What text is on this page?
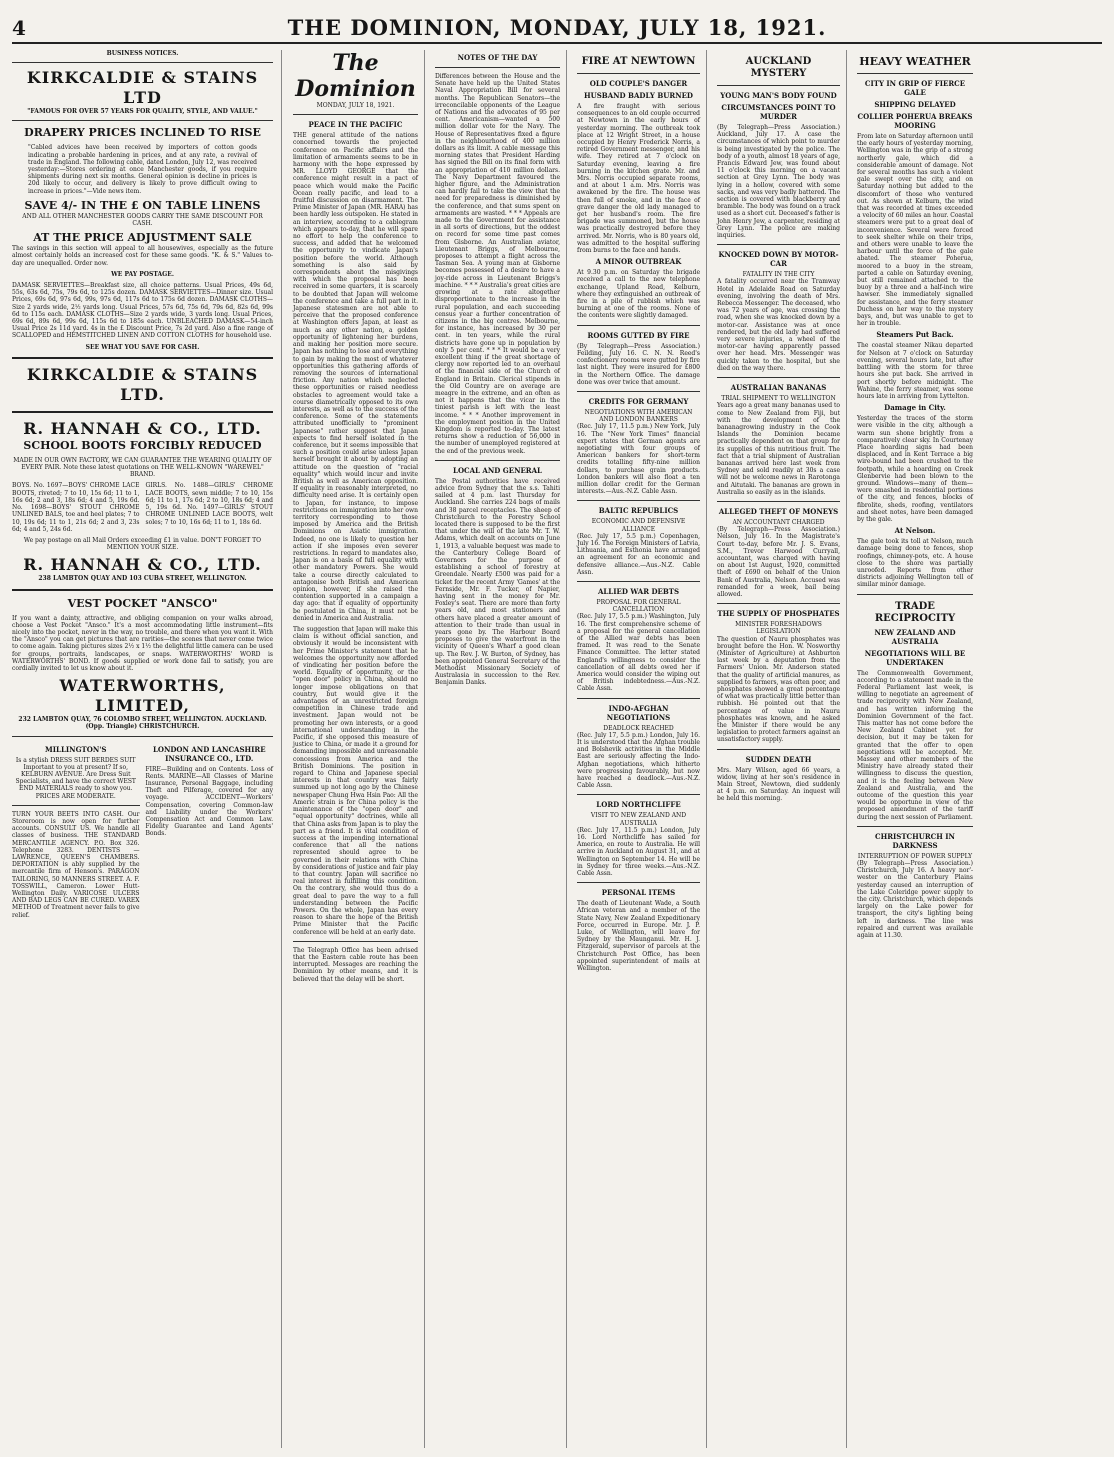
4	THE DOMINION, MONDAY, JULY 18, 1921.
BUSINESS NOTICES.
KIRKCALDIE & STAINS LTD
"FAMOUS FOR OVER 57 YEARS FOR QUALITY, STYLE, AND VALUE."
DRAPERY PRICES INCLINED TO RISE
"Cabled advices have been received by importers of cotton goods indicating a probable hardening in prices, and at any rate, a revival of trade in England. The following cable, dated London, July 12, was received yesterday:—Stores ordering at once Manchester goods, if you require shipments during next six months. General opinion is decline in prices is 20d likely to occur, and delivery is likely to prove difficult owing to increase in prices."—Vide news item.
SAVE 4/- IN THE £ ON TABLE LINENS
AND ALL OTHER MANCHESTER GOODS CARRY THE SAME DISCOUNT FOR CASH.
AT THE PRICE ADJUSTMENT SALE
The savings in this section will appeal to all housewives, especially as the future almost certainly holds an increased cost for these same goods. "K. & S." Values to-day are unequalled. Order now.
WE PAY POSTAGE.
DAMASK SERVIETTES—Breakfast size, all choice patterns. Usual Prices, 49s 6d, 55s, 63s 6d, 75s, 79s 6d, to 125s dozen. DAMASK SERVIETTES—Dinner size. Usual Prices, 69s 6d, 97s 6d, 99s, 97s 6d, 117s 6d to 175s 6d dozen. DAMASK CLOTHS—Size 2 yards wide, 2½ yards long. Usual Prices, 57s 6d, 75s 6d, 79s 6d, 82s 6d, 99s 6d to 115s each. DAMASK CLOTHS—Size 2 yards wide, 3 yards long. Usual Prices, 69s 6d, 89s 6d, 99s 6d, 115s 6d to 185s each. UNBLEACHED DAMASK—54-inch Usual Price 2s 11d yard. 4s in the £ Discount Price, 7s 2d yard. Also a fine range of SCALLOPED and HEMSTITCHED LINEN AND COTTON CLOTHS for household use.
SEE WHAT YOU SAVE FOR CASH.
KIRKCALDIE & STAINS LTD.
R. HANNAH & CO., LTD.
SCHOOL BOOTS FORCIBLY REDUCED
MADE IN OUR OWN FACTORY, WE CAN GUARANTEE THE WEARING QUALITY OF EVERY PAIR. Note these latest quotations on THE WELL-KNOWN "WAREWEL" BRAND.
BOYS. No. 1697—BOYS' CHROME LACE BOOTS, riveted; 7 to 10, 15s 6d; 11 to 1, 16s 6d; 2 and 3, 18s 6d; 4 and 5, 19s 6d. No. 1698—BOYS' STOUT CHROME UNLINED BALS, toe and heel plates; 7 to 10, 19s 6d; 11 to 1, 21s 6d; 2 and 3, 23s 6d; 4 and 5, 24s 6d.
GIRLS. No. 1488—GIRLS' CHROME LACE BOOTS, sewn middle; 7 to 10, 15s 6d; 11 to 1, 17s 6d; 2 to 10, 18s 6d; 4 and 5, 19s 6d. No. 1497—GIRLS' STOUT CHROME UNLINED LACE BOOTS, welt soles; 7 to 10, 16s 6d; 11 to 1, 18s 6d.
We pay postage on all Mail Orders exceeding £1 in value. DON'T FORGET TO MENTION YOUR SIZE.
R. HANNAH & CO., LTD.
238 LAMBTON QUAY AND 103 CUBA STREET, WELLINGTON.
VEST POCKET "ANSCO"
If you want a dainty, attractive, and obliging companion on your walks abroad, choose a Vest Pocket "Ansco." It's a most accommodating little instrument—fits nicely into the pocket, never in the way, no trouble, and there when you want it. With the "Ansco" you can get pictures that are rarities—the scenes that never come twice to come again. Taking pictures sizes 2½ x 1½ the delightful little camera can be used for groups, portraits, landscapes, or snaps. WATERWORTHS' WORD is WATERWORTHS' BOND. If goods supplied or work done fail to satisfy, you are cordially invited to let us know about it.
WATERWORTHS, LIMITED,
232 LAMBTON QUAY, 76 COLOMBO STREET, WELLINGTON. AUCKLAND. (Opp. Triangle) CHRISTCHURCH.
MILLINGTON'S
Is a stylish DRESS SUIT BERDES SUIT Important to you at present? If so, KELBURN AVENUE. Are Dress Suit Specialists, and have the correct WEST END MATERIALS ready to show you. PRICES ARE MODERATE.
TURN YOUR BEETS INTO CASH. Our Storeroom is now open for further accounts. CONSULT US. We handle all classes of business. THE STANDARD MERCANTILE AGENCY. P.O. Box 326. Telephone 3283. DENTISTS — LAWRENCE, QUEEN'S CHAMBERS. DEPORTATION is ably supplied by the mercantile firm of Henson's. PARAGON TAILORING, 50 MANNERS STREET. A. F. TOSSWILL, Cameron. Lower Hutt-Wellington Daily. VARICOSE ULCERS AND BAD LEGS CAN BE CURED. VAREX METHOD of Treatment never fails to give relief.
LONDON AND LANCASHIRE INSURANCE CO., LTD.
FIRE—Building and on Contents. Loss of Rents. MARINE—All Classes of Marine Insurance, Personal Baggage, including Theft and Pilferage, covered for any voyage. ACCIDENT—Workers' Compensation, covering Common-law and Liability under the Workers' Compensation Act and Common Law. Fidelity Guarantee and Land Agents' Bonds.
The Dominion
MONDAY, JULY 18, 1921.
PEACE IN THE PACIFIC
THE general attitude of the nations concerned towards the projected conference on Pacific affairs and the limitation of armaments seems to be in harmony with the hope expressed by MR. LLOYD GEORGE that the conference might result in a pact of peace which would make the Pacific Ocean really pacific, and lead to a fruitful discussion on disarmament. The Prime Minister of Japan (MR. HARA) has been hardly less outspoken. He stated in an interview, according to a cablegram which appears to-day, that he will spare no effort to help the conference to success, and added that he welcomed the opportunity to vindicate Japan's position before the world. Although something is also said by correspondents about the misgivings with which the proposal has been received in some quarters, it is scarcely to be doubted that Japan will welcome the conference and take a full part in it. Japanese statesmen are not able to perceive that the proposed conference at Washington offers Japan, at least as much as any other nation, a golden opportunity of lightening her burdens, and making her position more secure. Japan has nothing to lose and everything to gain by making the most of whatever opportunities this gathering affords of removing the sources of international friction. Any nation which neglected these opportunities or raised needless obstacles to agreement would take a course diametrically opposed to its own interests, as well as to the success of the conference. Some of the statements attributed unofficially to "prominent Japanese" rather suggest that Japan expects to find herself isolated in the conference, but it seems impossible that such a position could arise unless Japan herself brought it about by adopting an attitude on the question of "racial equality" which would incur and invite British as well as American opposition. If equality in reasonably interpreted, no difficulty need arise. It is certainly open to Japan, for instance, to impose restrictions on immigration into her own territory corresponding to those imposed by America and the British Dominions on Asiatic immigration. Indeed, no one is likely to question her action if she imposes even severer restrictions. In regard to mandates also, Japan is on a basis of full equality with other mandatory Powers. She would take a course directly calculated to antagonise both British and American opinion, however, if she raised the contention supported in a campaign a day ago: that if equality of opportunity be postulated in China, it must not be denied in America and Australia.
The suggestion that Japan will make this claim is without official sanction, and obviously it would be inconsistent with her Prime Minister's statement that he welcomes the opportunity now afforded of vindicating her position before the world. Equality of opportunity, or the "open door" policy in China, should no longer impose obligations on that country, but would give it the advantages of an unrestricted foreign competition in Chinese trade and investment. Japan would not be promoting her own interests, or a good international understanding in the Pacific, if she opposed this measure of justice to China, or made it a ground for demanding impossible and unreasonable concessions from America and the British Dominions. The position in regard to China and Japanese special interests in that country was fairly summed up not long ago by the Chinese newspaper Chung Hwa Hsin Pao: All the Americ strain is for China policy is the maintenance of the "open door" and "equal opportunity" doctrines, while all that China asks from Japan is to play the part as a friend. It is vital condition of success at the impending international conference that all the nations represented should agree to be governed in their relations with China by considerations of justice and fair play to that country. Japan will sacrifice no real interest in fulfilling this condition. On the contrary, she would thus do a great deal to pave the way to a full understanding between the Pacific Powers. On the whole, Japan has every reason to share the hope of the British Prime Minister that the Pacific conference will be held at an early date.
The Telegraph Office has been advised that the Eastern cable route has been interrupted. Messages are reaching the Dominion by other means, and it is believed that the delay will be short.
NOTES OF THE DAY
Differences between the House and the Senate have held up the United States Naval Appropriation Bill for several months. The Republican Senators—the irreconcilable opponents of the League of Nations and the advocates of 95 per cent. Americanism—wanted a 500 million dollar vote for the Navy. The House of Representatives fixed a figure in the neighbourhood of 400 million dollars as its limit. A cable message this morning states that President Harding has signed the Bill on its final form with an appropriation of 410 million dollars. The Navy Department favoured the higher figure, and the Administration can hardly fail to take the view that the need for preparedness is diminished by the conference, and that sums spent on armaments are wasted. * * * Appeals are made to the Government for assistance in all sorts of directions, but the oddest on record for some time past comes from Gisborne. An Australian aviator, Lieutenant Briggs, of Melbourne, proposes to attempt a flight across the Tasman Sea. A young man at Gisborne becomes possessed of a desire to have a joy-ride across in Lieutenant Briggs's machine. * * * Australia's great cities are growing at a rate altogether disproportionate to the increase in the rural population, and each succeeding census year a further concentration of citizens in the big centres. Melbourne, for instance, has increased by 30 per cent. in ten years, while the rural districts have gone up in population by only 5 per cent. * * * It would be a very excellent thing if the great shortage of clergy now reported led to an overhaul of the financial side of the Church of England in Britain. Clerical stipends in the Old Country are on average are meagre in the extreme, and an often as not it happens that the vicar in the tiniest parish is left with the least income. * * * Another improvement in the employment position in the United Kingdom is reported to-day. The latest returns show a reduction of 56,000 in the number of unemployed registered at the end of the previous week.
LOCAL AND GENERAL
The Postal authorities have received advice from Sydney that the s.s. Tahiti sailed at 4 p.m. last Thursday for Auckland. She carries 224 bags of mails and 38 parcel receptacles. The sheep of Christchurch to the Forestry School located there is supposed to be the first that under the will of the late Mr. T. W. Adams, which dealt on accounts on June 1, 1913, a valuable bequest was made to the Canterbury College Board of Governors for the purpose of establishing a school of forestry at Greendale. Nearly £500 was paid for a ticket for the recent Army 'Games' at the Fernside, Mr. F. Tucker, of Napier, having sent in the money for Mr. Foxley's seat. There are more than forty years old, and most stationers and others have placed a greater amount of attention to their trade than usual in years gone by. The Harbour Board proposes to give the waterfront in the vicinity of Queen's Wharf a good clean up. The Rev. J. W. Burton, of Sydney, has been appointed General Secretary of the Methodist Missionary Society of Australasia in succession to the Rev. Benjamin Danks.
FIRE AT NEWTOWN
OLD COUPLE'S DANGER
HUSBAND BADLY BURNED
A fire fraught with serious consequences to an old couple occurred at Newtown in the early hours of yesterday morning. The outbreak took place at 12 Wright Street, in a house occupied by Henry Frederick Norris, a retired Government messenger, and his wife. They retired at 7 o'clock on Saturday evening, leaving a fire burning in the kitchen grate. Mr. and Mrs. Norris occupied separate rooms, and at about 1 a.m. Mrs. Norris was awakened by the fire. The house was then full of smoke, and in the face of grave danger the old lady managed to get her husband's room. The fire brigade was summoned, but the house was practically destroyed before they arrived. Mr. Norris, who is 80 years old, was admitted to the hospital suffering from burns to the face and hands.
A MINOR OUTBREAK
At 9.30 p.m. on Saturday the brigade received a call to the new telephone exchange, Upland Road, Kelburn, where they extinguished an outbreak of fire in a pile of rubbish which was burning at one of the rooms. None of the contents were slightly damaged.
ROOMS GUTTED BY FIRE
(By Telegraph—Press Association.) Feilding, July 16. C. N. N. Reed's confectionery rooms were gutted by fire last night. They were insured for £800 in the Northern Office. The damage done was over twice that amount.
CREDITS FOR GERMANY
NEGOTIATIONS WITH AMERICAN AND LONDON BANKERS
(Rec. July 17, 11.5 p.m.) New York, July 16. The "New York Times" financial expert states that German agents are negotiating with four groups of American bankers for short-term credits totalling fifty-nine million dollars, to purchase grain products. London bankers will also float a ten million dollar credit for the German interests.—Aus.-N.Z. Cable Assn.
BALTIC REPUBLICS
ECONOMIC AND DEFENSIVE ALLIANCE
(Rec. July 17, 5.5 p.m.) Copenhagen, July 16. The Foreign Ministers of Latvia, Lithuania, and Esthonia have arranged an agreement for an economic and defensive alliance.—Aus.-N.Z. Cable Assn.
ALLIED WAR DEBTS
PROPOSAL FOR GENERAL CANCELLATION
(Rec. July 17, 5.5 p.m.) Washington, July 16. The first comprehensive scheme of a proposal for the general cancellation of the Allied war debts has been framed. It was read to the Senate Finance Committee. The letter stated England's willingness to consider the cancellation of all debts owed her if America would consider the wiping out of British indebtedness.—Aus.-N.Z. Cable Assn.
INDO-AFGHAN NEGOTIATIONS
DEADLOCK REACHED
(Rec. July 17, 5.5 p.m.) London, July 16. It is understood that the Afghan trouble and Bolshevik activities in the Middle East are seriously affecting the Indo-Afghan negotiations, which hitherto were progressing favourably, but now have reached a deadlock.—Aus.-N.Z. Cable Assn.
LORD NORTHCLIFFE
VISIT TO NEW ZEALAND AND AUSTRALIA
(Rec. July 17, 11.5 p.m.) London, July 16. Lord Northcliffe has sailed for America, en route to Australia. He will arrive in Auckland on August 31, and at Wellington on September 14. He will be in Sydney for three weeks.—Aus.-N.Z. Cable Assn.
PERSONAL ITEMS
The death of Lieutenant Wade, a South African veteran and a member of the State Navy, New Zealand Expeditionary Force, occurred in Europe. Mr. J. P. Luke, of Wellington, will leave for Sydney by the Maunganui. Mr. H. J. Fitzgerald, supervisor of parcels at the Christchurch Post Office, has been appointed superintendent of mails at Wellington.
AUCKLAND MYSTERY
YOUNG MAN'S BODY FOUND
CIRCUMSTANCES POINT TO MURDER
(By Telegraph—Press Association.) Auckland, July 17. A case the circumstances of which point to murder is being investigated by the police. The body of a youth, almost 18 years of age, Francis Edward Jew, was found about 11 o'clock this morning on a vacant section at Grey Lynn. The body was lying in a hollow, covered with some sacks, and was very badly battered. The section is covered with blackberry and bramble. The body was found on a track used as a short cut. Deceased's father is John Henry Jew, a carpenter, residing at Grey Lynn. The police are making inquiries.
KNOCKED DOWN BY MOTOR-CAR
FATALITY IN THE CITY
A fatality occurred near the Tramway Hotel in Adelaide Road on Saturday evening, involving the death of Mrs. Rebecca Messenger. The deceased, who was 72 years of age, was crossing the road, when she was knocked down by a motor-car. Assistance was at once rendered, but the old lady had suffered very severe injuries, a wheel of the motor-car having apparently passed over her head. Mrs. Messenger was quickly taken to the hospital, but she died on the way there.
AUSTRALIAN BANANAS
TRIAL SHIPMENT TO WELLINGTON
Years ago a great many bananas used to come to New Zealand from Fiji, but with the development of the bananagrowing industry in the Cook Islands the Dominion became practically dependent on that group for its supplies of this nutritious fruit. The fact that a trial shipment of Australian bananas arrived here last week from Sydney and sold readily at 30s a case will not be welcome news in Rarotonga and Aitutaki. The bananas are grown in Australia so easily as in the islands.
ALLEGED THEFT OF MONEYS
AN ACCOUNTANT CHARGED
(By Telegraph—Press Association.) Nelson, July 16. In the Magistrate's Court to-day, before Mr. J. S. Evans, S.M., Trevor Harwood Curryall, accountant, was charged with having on about 1st August, 1920, committed theft of £690 on behalf of the Union Bank of Australia, Nelson. Accused was remanded for a week, bail being allowed.
THE SUPPLY OF PHOSPHATES
MINISTER FORESHADOWS LEGISLATION
The question of Nauru phosphates was brought before the Hon. W. Nosworthy (Minister of Agriculture) at Ashburton last week by a deputation from the Farmers' Union. Mr. Anderson stated that the quality of artificial manures, as supplied to farmers, was often poor, and phosphates showed a great percentage of what was practically little better than rubbish. He pointed out that the percentage of value in Nauru phosphates was known, and he asked the Minister if there would be any legislation to protect farmers against an unsatisfactory supply.
SUDDEN DEATH
Mrs. Mary Wilson, aged 66 years, a widow, living at her son's residence in Main Street, Newtown, died suddenly at 4 p.m. on Saturday. An inquest will be held this morning.
HEAVY WEATHER
CITY IN GRIP OF FIERCE GALE
SHIPPING DELAYED
COLLIER POHERUA BREAKS MOORING
From late on Saturday afternoon until the early hours of yesterday morning, Wellington was in the grip of a strong northerly gale, which did a considerable amount of damage. Not for several months has such a violent gale swept over the city, and on Saturday nothing but added to the discomfort of those who ventured out. As shown at Kelburn, the wind that was recorded at times exceeded a velocity of 60 miles an hour. Coastal steamers were put to a great deal of inconvenience. Several were forced to seek shelter while on their trips, and others were unable to leave the harbour until the force of the gale abated. The steamer Poherua, moored to a buoy in the stream, parted a cable on Saturday evening, but still remained attached to the buoy by a three and a half-inch wire hawser. She immediately signalled for assistance, and the ferry steamer Duchess on her way to the mystery bays, and, but was unable to get to her in trouble.
Steamers Put Back.
The coastal steamer Nikau departed for Nelson at 7 o'clock on Saturday evening, several hours late, but after battling with the storm for three hours she put back. She arrived in port shortly before midnight. The Wahine, the ferry steamer, was some hours late in arriving from Lyttelton.
Damage in City.
Yesterday the traces of the storm were visible in the city, although a warm sun shone brightly from a comparatively clear sky. In Courtenay Place hoarding signs had been displaced, and in Kent Terrace a big wire-bound had been crushed to the footpath, while a hoarding on Creek Glenbervie had been blown to the ground. Windows—many of them—were smashed in residential portions of the city, and fences, blocks of fibrolite, sheds, roofing, ventilators and sheet notes, have been damaged by the gale.
At Nelson.
The gale took its toll at Nelson, much damage being done to fences, shop roofings, chimney-pots, etc. A house close to the shore was partially unroofed. Reports from other districts adjoining Wellington tell of similar minor damage.
TRADE RECIPROCITY
NEW ZEALAND AND AUSTRALIA
NEGOTIATIONS WILL BE UNDERTAKEN
The Commonwealth Government, according to a statement made in the Federal Parliament last week, is willing to negotiate an agreement of trade reciprocity with New Zealand, and has written informing the Dominion Government of the fact. This matter has not come before the New Zealand Cabinet yet for decision, but it may be taken for granted that the offer to open negotiations will be accepted. Mr. Massey and other members of the Ministry have already stated their willingness to discuss the question, and it is the feeling between New Zealand and Australia, and the outcome of the question this year would be opportune in view of the proposed amendment of the tariff during the next session of Parliament.
CHRISTCHURCH IN DARKNESS
INTERRUPTION OF POWER SUPPLY
(By Telegraph—Press Association.) Christchurch, July 16. A heavy nor'-wester on the Canterbury Plains yesterday caused an interruption of the Lake Coleridge power supply to the city. Christchurch, which depends largely on the Lake power for transport, the city's lighting being left in darkness. The line was repaired and current was available again at 11.30.
